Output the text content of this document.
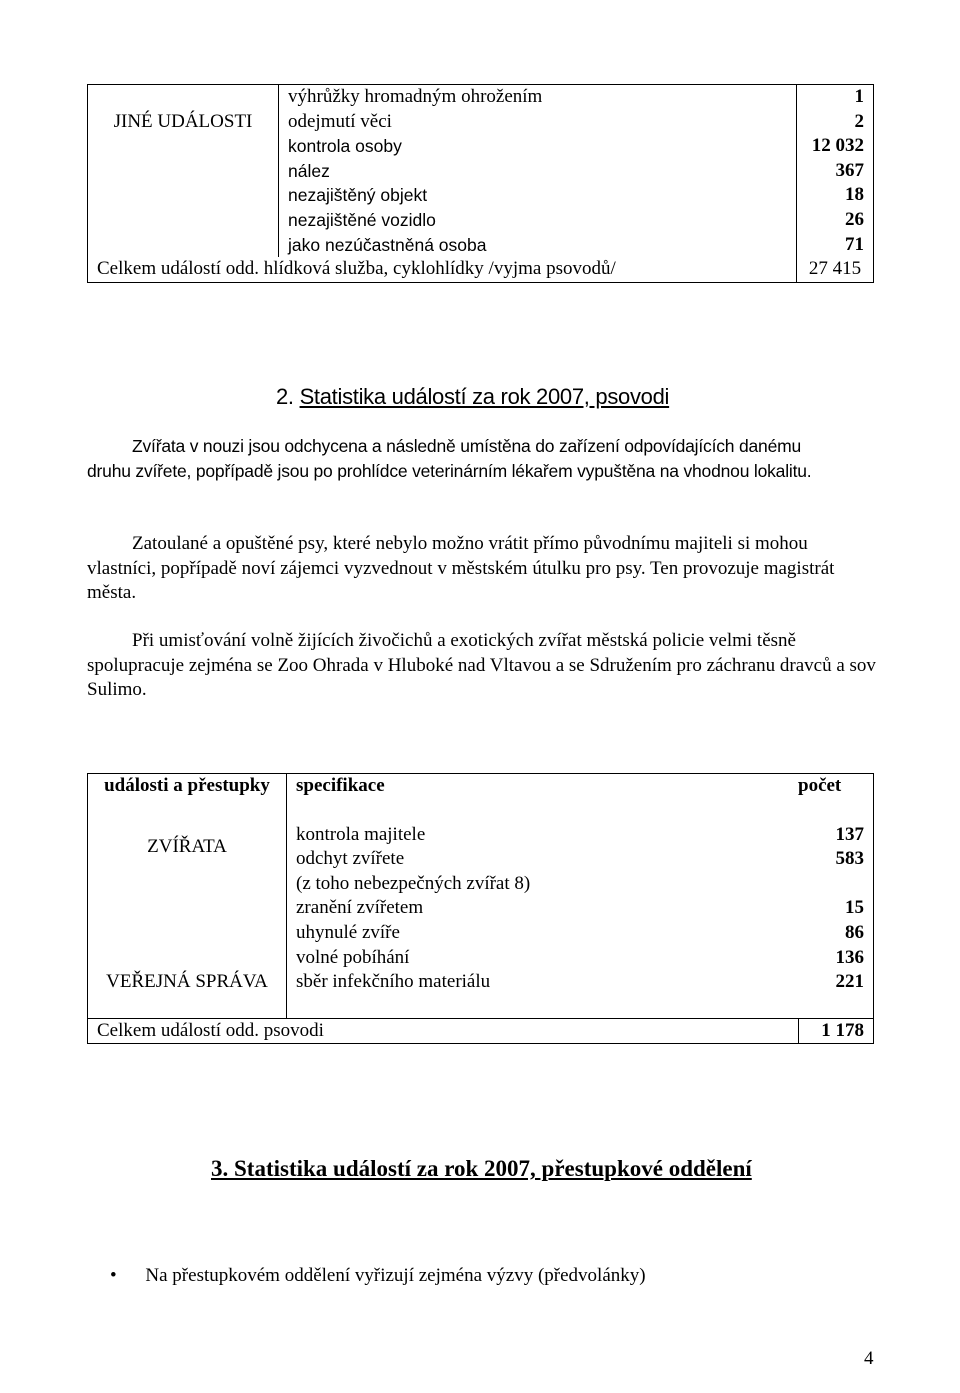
	výhrůžky hromadným ohrožením	1
JINÉ UDÁLOSTI	odejmutí věci	2
	kontrola osoby	12 032
	nález	367
	nezajištěný objekt	18
	nezajištěné vozidlo	26
	jako nezúčastněná osoba	71
Celkem událostí odd. hlídková služba, cyklohlídky /vyjma psovodů/		27 415
2. Statistika událostí za rok 2007, psovodi
Zvířata v nouzi jsou odchycena a následně umístěna do zařízení odpovídajících danému druhu zvířete, popřípadě jsou po prohlídce veterinárním lékařem vypuštěna na vhodnou lokalitu.
Zatoulané a opuštěné psy, které nebylo možno vrátit přímo původnímu majiteli si mohou vlastníci, popřípadě noví zájemci vyzvednout v městském útulku pro psy. Ten provozuje magistrát města.
Při umisťování volně žijících živočichů a exotických zvířat městská policie velmi těsně spolupracuje zejména se Zoo Ohrada v Hluboké nad Vltavou a se Sdružením pro záchranu dravců a sov Sulimo.
události a přestupky	specifikace	počet

ZVÍŘATA	kontrola majitele	137
	odchyt zvířete	583
	(z toho nebezpečných zvířat 8)	
	zranění zvířetem	15
	uhynulé zvíře	86
	volné pobíhání	136
VEŘEJNÁ SPRÁVA	sběr infekčního materiálu	221

Celkem událostí odd. psovodi		1 178
3. Statistika událostí za rok 2007, přestupkové oddělení
• Na přestupkovém oddělení vyřizují zejména výzvy (předvolánky)
4
